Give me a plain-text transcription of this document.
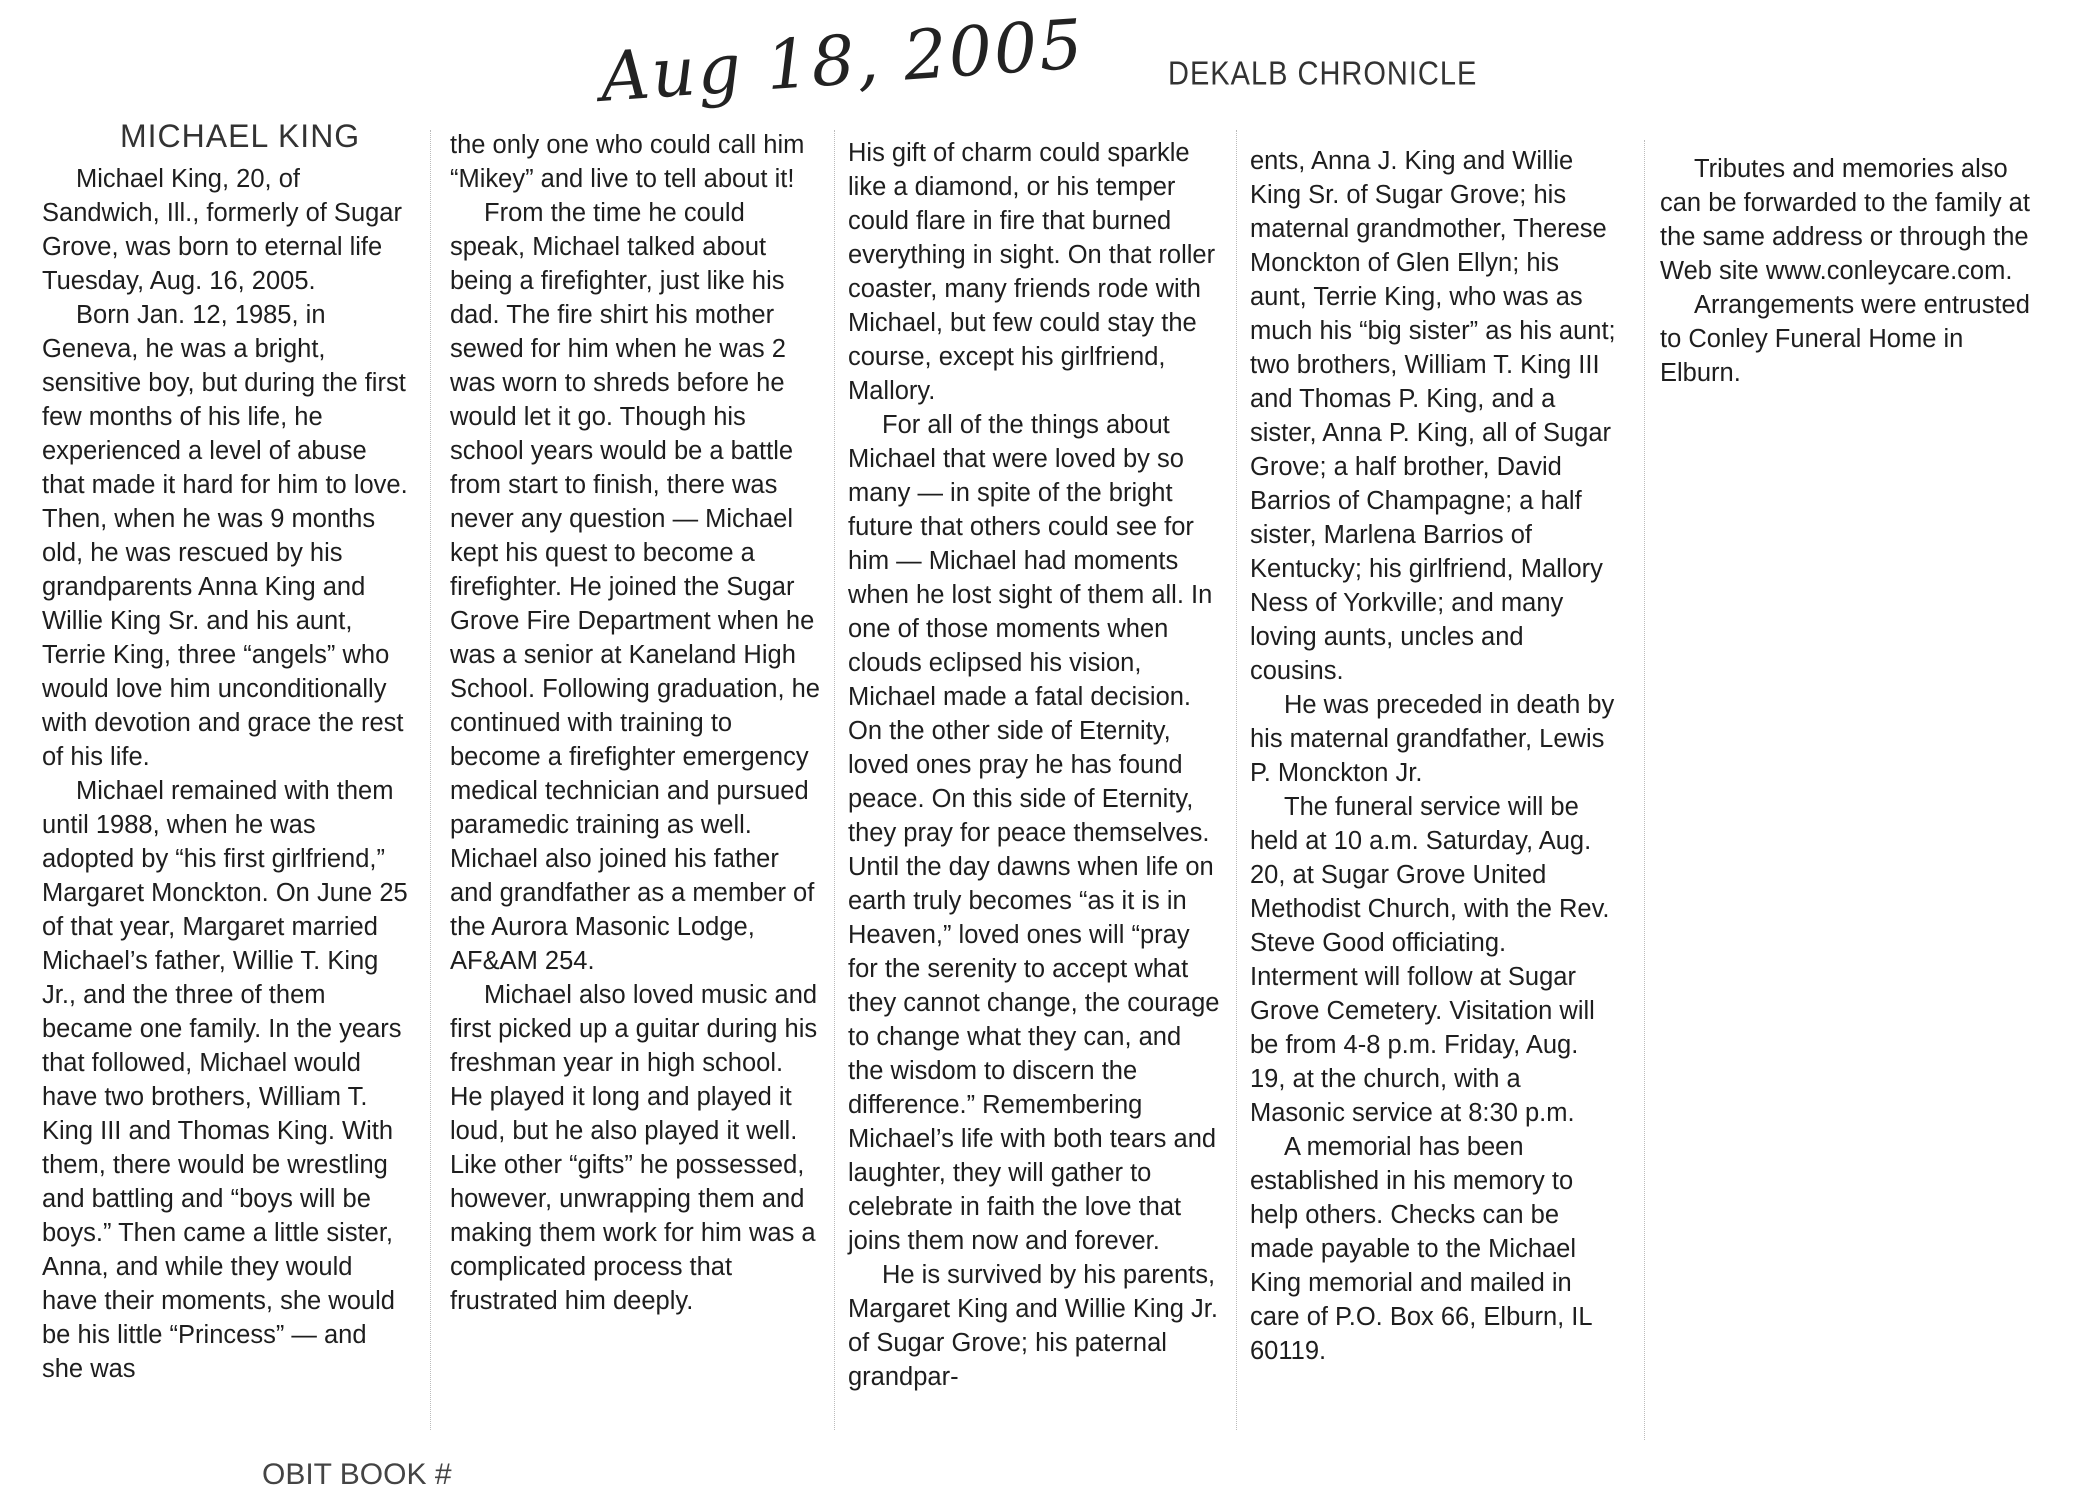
Aug 18, 2005	DEKALB CHRONICLE
MICHAEL KING

Michael King, 20, of Sandwich, Ill., formerly of Sugar Grove, was born to eternal life Tuesday, Aug. 16, 2005.

Born Jan. 12, 1985, in Geneva, he was a bright, sensitive boy, but during the first few months of his life, he experienced a level of abuse that made it hard for him to love. Then, when he was 9 months old, he was rescued by his grandparents Anna King and Willie King Sr. and his aunt, Terrie King, three “angels” who would love him unconditionally with devotion and grace the rest of his life.

Michael remained with them until 1988, when he was adopted by “his first girlfriend,” Margaret Monckton. On June 25 of that year, Margaret married Michael’s father, Willie T. King Jr., and the three of them became one family. In the years that followed, Michael would have two brothers, William T. King III and Thomas King. With them, there would be wrestling and battling and “boys will be boys.” Then came a little sister, Anna, and while they would have their moments, she would be his little “Princess” — and she was

the only one who could call him “Mikey” and live to tell about it!

From the time he could speak, Michael talked about being a firefighter, just like his dad. The fire shirt his mother sewed for him when he was 2 was worn to shreds before he would let it go. Though his school years would be a battle from start to finish, there was never any question — Michael kept his quest to become a firefighter. He joined the Sugar Grove Fire Department when he was a senior at Kaneland High School. Following graduation, he continued with training to become a firefighter emergency medical technician and pursued paramedic training as well. Michael also joined his father and grandfather as a member of the Aurora Masonic Lodge, AF&AM 254.

Michael also loved music and first picked up a guitar during his freshman year in high school. He played it long and played it loud, but he also played it well. Like other “gifts” he possessed, however, unwrapping them and making them work for him was a complicated process that frustrated him deeply.

His gift of charm could sparkle like a diamond, or his temper could flare in fire that burned everything in sight. On that roller coaster, many friends rode with Michael, but few could stay the course, except his girlfriend, Mallory.

For all of the things about Michael that were loved by so many — in spite of the bright future that others could see for him — Michael had moments when he lost sight of them all. In one of those moments when clouds eclipsed his vision, Michael made a fatal decision. On the other side of Eternity, loved ones pray he has found peace. On this side of Eternity, they pray for peace themselves. Until the day dawns when life on earth truly becomes “as it is in Heaven,” loved ones will “pray for the serenity to accept what they cannot change, the courage to change what they can, and the wisdom to discern the difference.” Remembering Michael’s life with both tears and laughter, they will gather to celebrate in faith the love that joins them now and forever.

He is survived by his parents, Margaret King and Willie King Jr. of Sugar Grove; his paternal grandpar-

ents, Anna J. King and Willie King Sr. of Sugar Grove; his maternal grandmother, Therese Monckton of Glen Ellyn; his aunt, Terrie King, who was as much his “big sister” as his aunt; two brothers, William T. King III and Thomas P. King, and a sister, Anna P. King, all of Sugar Grove; a half brother, David Barrios of Champagne; a half sister, Marlena Barrios of Kentucky; his girlfriend, Mallory Ness of Yorkville; and many loving aunts, uncles and cousins.

He was preceded in death by his maternal grandfather, Lewis P. Monckton Jr.

The funeral service will be held at 10 a.m. Saturday, Aug. 20, at Sugar Grove United Methodist Church, with the Rev. Steve Good officiating. Interment will follow at Sugar Grove Cemetery. Visitation will be from 4-8 p.m. Friday, Aug. 19, at the church, with a Masonic service at 8:30 p.m.

A memorial has been established in his memory to help others. Checks can be made payable to the Michael King memorial and mailed in care of P.O. Box 66, Elburn, IL 60119.

Tributes and memories also can be forwarded to the family at the same address or through the Web site www.conleycare.com.

Arrangements were entrusted to Conley Funeral Home in Elburn.

OBIT BOOK #
